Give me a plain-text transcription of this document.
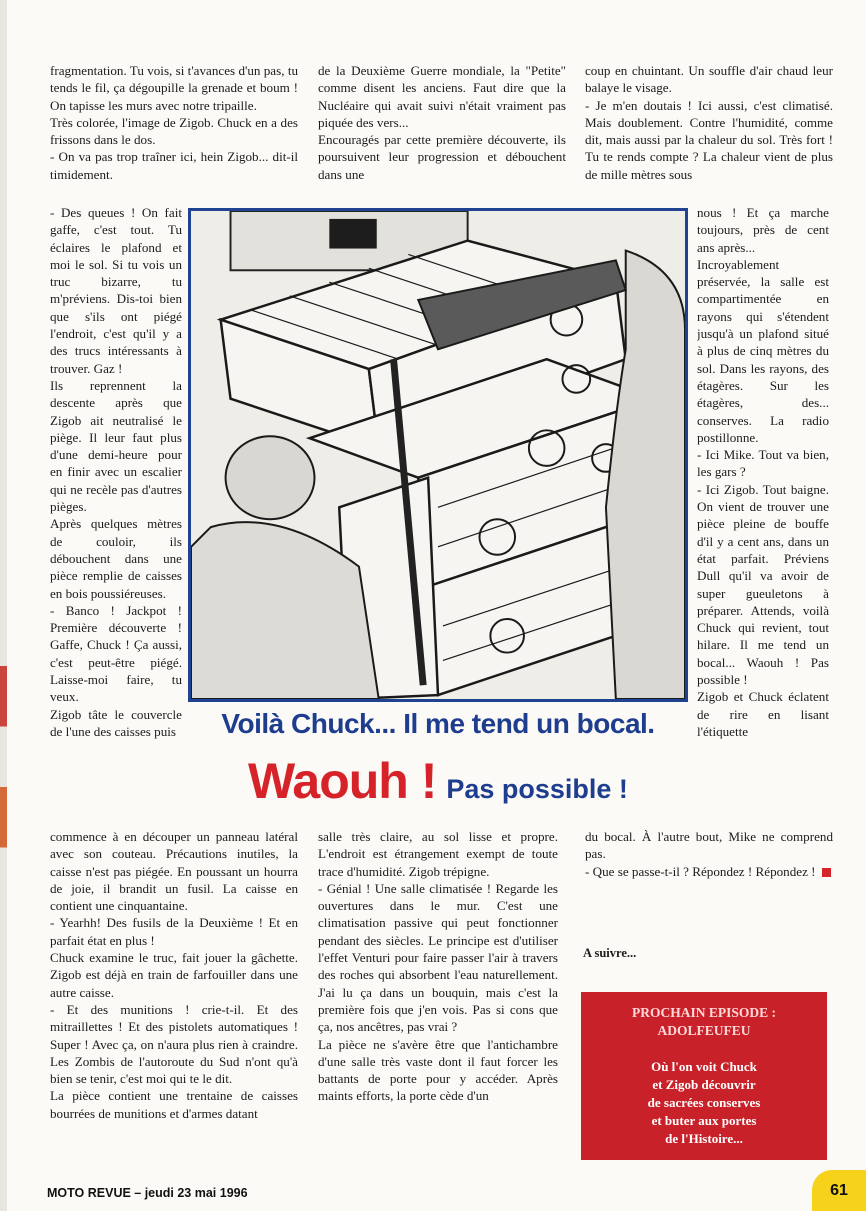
fragmentation. Tu vois, si t'avances d'un pas, tu tends le fil, ça dégoupille la grenade et boum ! On tapisse les murs avec notre tripaille.

Très colorée, l'image de Zigob. Chuck en a des frissons dans le dos.

- On va pas trop traîner ici, hein Zigob... dit-il timidement.

- Des queues ! On fait gaffe, c'est tout. Tu éclaires le plafond et moi le sol. Si tu vois un truc bizarre, tu m'préviens. Dis-toi bien que s'ils ont piégé l'endroit, c'est qu'il y a des trucs intéressants à trouver. Gaz !

Ils reprennent la descente après que Zigob ait neutralisé le piège. Il leur faut plus d'une demi-heure pour en finir avec un escalier qui ne recèle pas d'autres pièges.

Après quelques mètres de couloir, ils débouchent dans une pièce remplie de caisses en bois poussiéreuses.

- Banco ! Jackpot ! Première découverte ! Gaffe, Chuck ! Ça aussi, c'est peut-être piégé. Laisse-moi faire, tu veux.

Zigob tâte le couvercle de l'une des caisses puis

commence à en découper un panneau latéral avec son couteau. Précautions inutiles, la caisse n'est pas piégée. En poussant un hourra de joie, il brandit un fusil. La caisse en contient une cinquantaine.

- Yearhh! Des fusils de la Deuxième ! Et en parfait état en plus !

Chuck examine le truc, fait jouer la gâchette. Zigob est déjà en train de farfouiller dans une autre caisse.

- Et des munitions ! crie-t-il. Et des mitraillettes ! Et des pistolets automatiques ! Super ! Avec ça, on n'aura plus rien à craindre. Les Zombis de l'autoroute du Sud n'ont qu'à bien se tenir, c'est moi qui te le dit.

La pièce contient une trentaine de caisses bourrées de munitions et d'armes datant

de la Deuxième Guerre mondiale, la "Petite" comme disent les anciens. Faut dire que la Nucléaire qui avait suivi n'était vraiment pas piquée des vers...

Encouragés par cette première découverte, ils poursuivent leur progression et débouchent dans une

salle très claire, au sol lisse et propre. L'endroit est étrangement exempt de toute trace d'humidité. Zigob trépigne.

- Génial ! Une salle climatisée ! Regarde les ouvertures dans le mur. C'est une climatisation passive qui peut fonctionner pendant des siècles. Le principe est d'utiliser l'effet Venturi pour faire passer l'air à travers des roches qui absorbent l'eau naturellement. J'ai lu ça dans un bouquin, mais c'est la première fois que j'en vois. Pas si cons que ça, nos ancêtres, pas vrai ?

La pièce ne s'avère être que l'antichambre d'une salle très vaste dont il faut forcer les battants de porte pour y accéder. Après maints efforts, la porte cède d'un

coup en chuintant. Un souffle d'air chaud leur balaye le visage.

- Je m'en doutais ! Ici aussi, c'est climatisé. Mais doublement. Contre l'humidité, comme dit, mais aussi par la chaleur du sol. Très fort ! Tu te rends compte ? La chaleur vient de plus de mille mètres sous

nous ! Et ça marche toujours, près de cent ans après...

Incroyablement préservée, la salle est compartimentée en rayons qui s'étendent jusqu'à un plafond situé à plus de cinq mètres du sol. Dans les rayons, des étagères. Sur les étagères, des... conserves. La radio postillonne.

- Ici Mike. Tout va bien, les gars ?

- Ici Zigob. Tout baigne. On vient de trouver une pièce pleine de bouffe d'il y a cent ans, dans un état parfait. Préviens Dull qu'il va avoir de super gueuletons à préparer. Attends, voilà Chuck qui revient, tout hilare. Il me tend un bocal... Waouh ! Pas possible !

Zigob et Chuck éclatent de rire en lisant l'étiquette

du bocal. À l'autre bout, Mike ne comprend pas.

- Que se passe-t-il ? Répondez ! Répondez !

Voilà Chuck... Il me tend un bocal.
Waouh ! Pas possible !
A suivre...
PROCHAIN EPISODE :
ADOLFEUFEU
Où l'on voit Chuck
et Zigob découvrir
de sacrées conserves
et buter aux portes
de l'Histoire...
MOTO REVUE – jeudi 23 mai 1996	61
